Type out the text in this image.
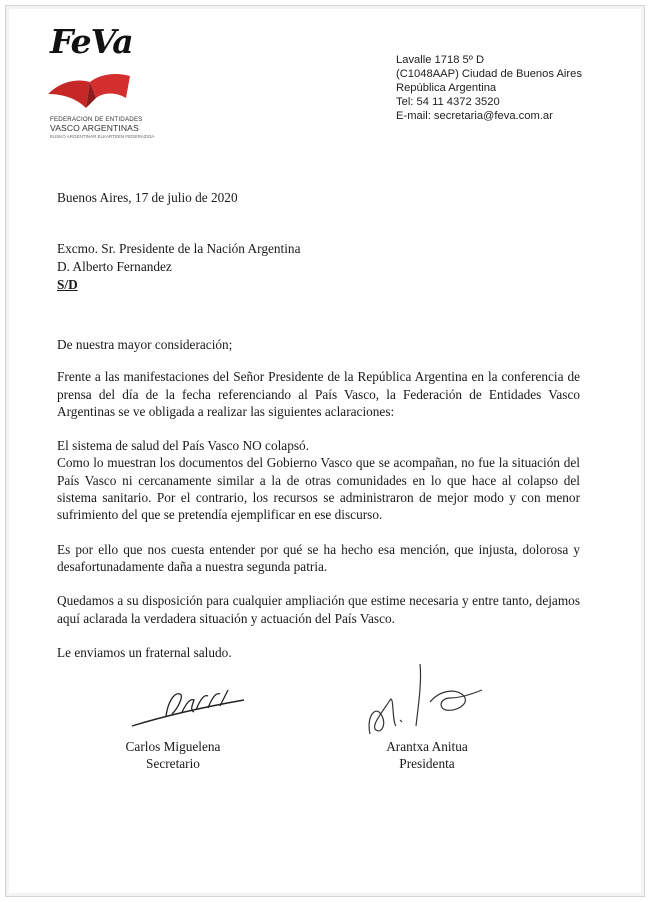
FeVa
FEDERACION DE ENTIDADES
VASCO ARGENTINAS
EUSKO ARGENTINAR ELKARTEEN FEDERAZIOA
Lavalle 1718 5º D
(C1048AAP) Ciudad de Buenos Aires
República Argentina
Tel: 54 11 4372 3520
E-mail: secretaria@feva.com.ar
Buenos Aires, 17 de julio de 2020
Excmo. Sr. Presidente de la Nación Argentina
D. Alberto Fernandez
S/D

De nuestra mayor consideración;

Frente a las manifestaciones del Señor Presidente de la República Argentina en la conferencia de prensa del día de la fecha referenciando al País Vasco, la Federación de Entidades Vasco Argentinas se ve obligada a realizar las siguientes aclaraciones:

El sistema de salud del País Vasco NO colapsó.

Como lo muestran los documentos del Gobierno Vasco que se acompañan, no fue la situación del País Vasco ni cercanamente similar a la de otras comunidades en lo que hace al colapso del sistema sanitario. Por el contrario, los recursos se administraron de mejor modo y con menor sufrimiento del que se pretendía ejemplificar en ese discurso.

Es por ello que nos cuesta entender por qué se ha hecho esa mención, que injusta, dolorosa y desafortunadamente daña a nuestra segunda patria.

Quedamos a su disposición para cualquier ampliación que estime necesaria y entre tanto, dejamos aquí aclarada la verdadera situación y actuación del País Vasco.

Le enviamos un fraternal saludo.

Carlos Miguelena
Secretario
Arantxa Anitua
Presidenta
